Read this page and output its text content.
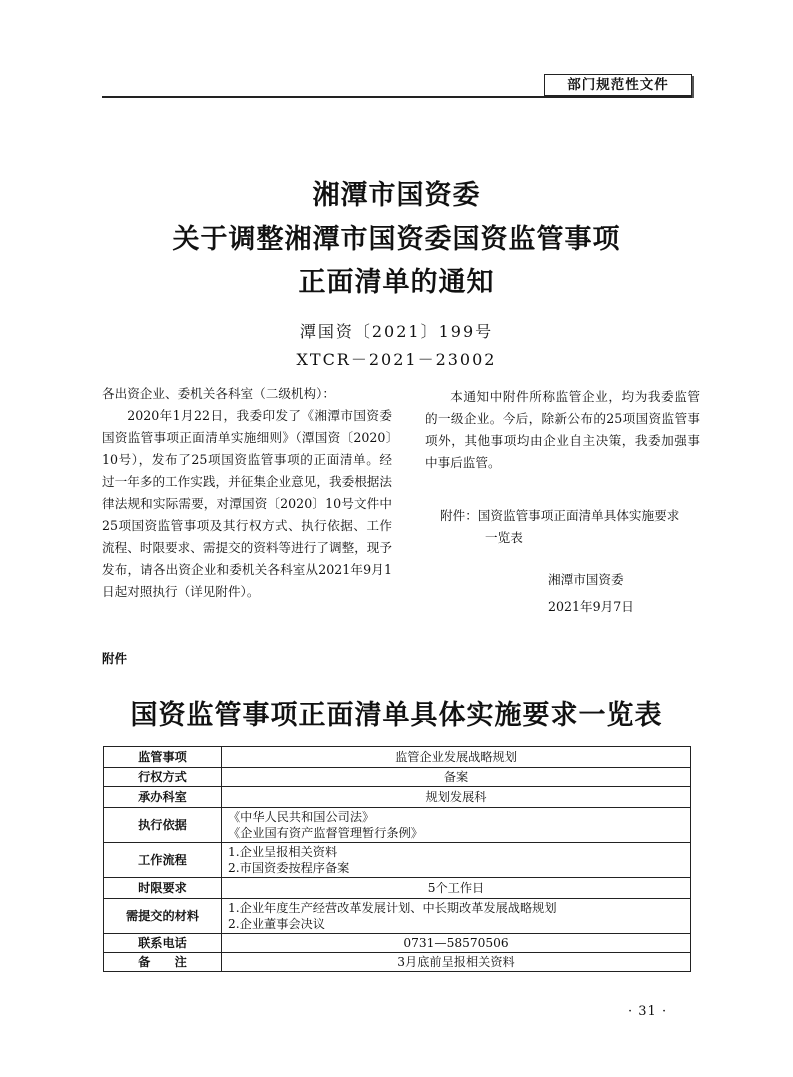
部门规范性文件
湘潭市国资委
关于调整湘潭市国资委国资监管事项
正面清单的通知
潭国资〔2021〕199号
XTCR－2021－23002

各出资企业、委机关各科室（二级机构）：

2020年1月22日，我委印发了《湘潭市国资委国资监管事项正面清单实施细则》（潭国资〔2020〕10号），发布了25项国资监管事项的正面清单。经过一年多的工作实践，并征集企业意见，我委根据法律法规和实际需要，对潭国资〔2020〕10号文件中25项国资监管事项及其行权方式、执行依据、工作流程、时限要求、需提交的资料等进行了调整，现予发布，请各出资企业和委机关各科室从2021年9月1日起对照执行（详见附件）。

本通知中附件所称监管企业，均为我委监管的一级企业。今后，除新公布的25项国资监管事项外，其他事项均由企业自主决策，我委加强事中事后监管。

附件：国资监管事项正面清单具体实施要求
一览表
湘潭市国资委
2021年9月7日
附件
国资监管事项正面清单具体实施要求一览表
监管事项	监管企业发展战略规划

行权方式	备案

承办科室	规划发展科

执行依据	《中华人民共和国公司法》
《企业国有资产监督管理暂行条例》

工作流程	1.企业呈报相关资料
2.市国资委按程序备案

时限要求	5个工作日

需提交的材料	1.企业年度生产经营改革发展计划、中长期改革发展战略规划
2.企业董事会决议

联系电话	0731—58570506

备　　注	3月底前呈报相关资料
· 31 ·
